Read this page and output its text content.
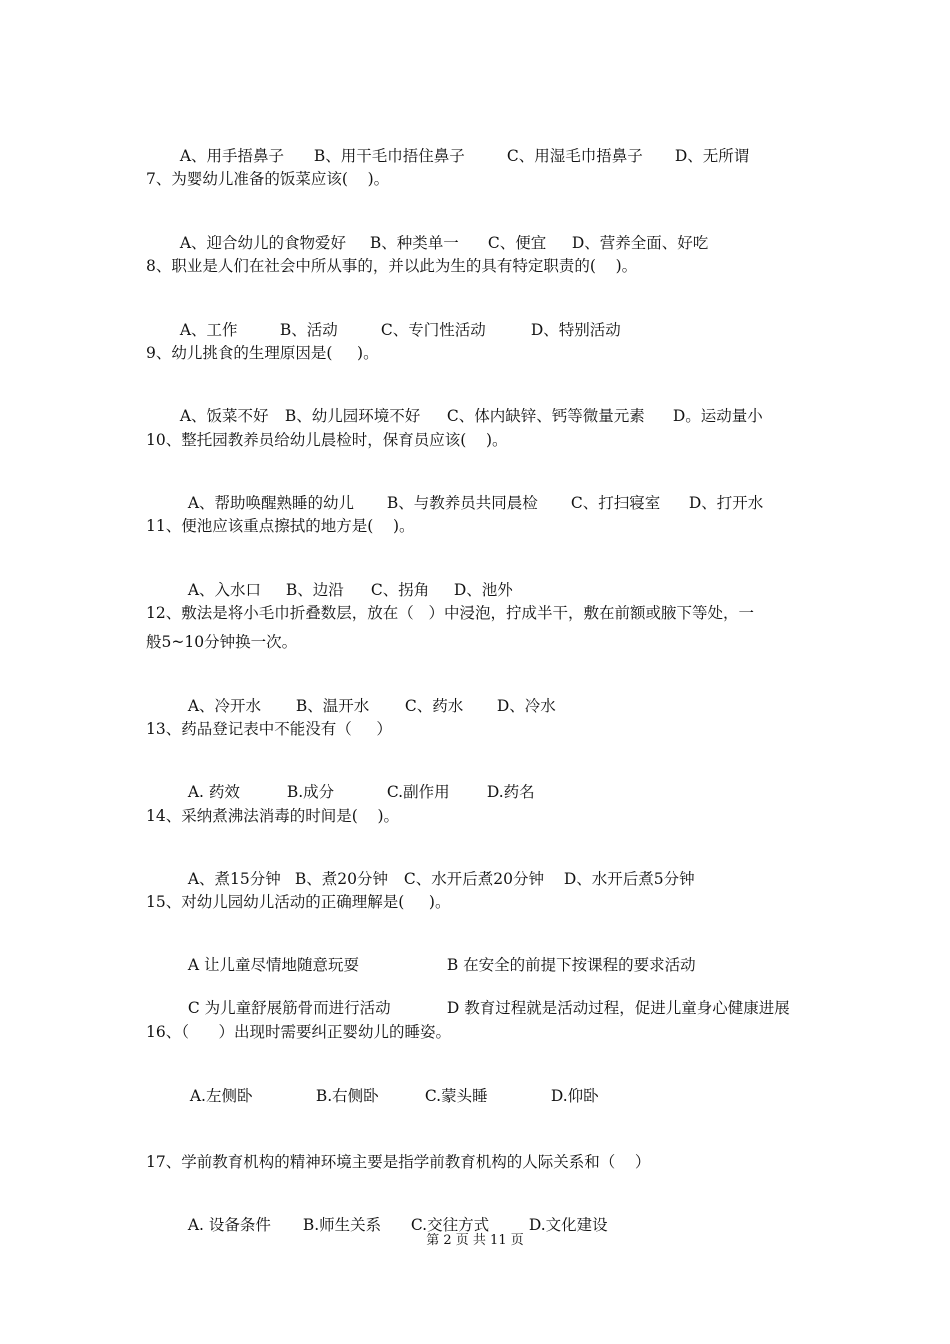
A、用手捂鼻子 B、用干毛巾捂住鼻子	C、用湿毛巾捂鼻子 D、无所谓

7、为婴幼儿准备的饭菜应该(    )。

A、迎合幼儿的食物爱好 B、种类单一 C、便宜 D、营养全面、好吃

8、职业是人们在社会中所从事的，并以此为生的具有特定职责的(    )。

A、工作	B、活动	C、专门性活动	D、特别活动

9、幼儿挑食的生理原因是(     )。

A、饭菜不好 B、幼儿园环境不好 C、体内缺锌、钙等微量元素 D。运动量小

10、整托园教养员给幼儿晨检时，保育员应该(    )。

A、帮助唤醒熟睡的幼儿 B、与教养员共同晨检 C、打扫寝室 D、打开水

11、便池应该重点擦拭的地方是(    )。

A、入水口 B、边沿 C、拐角 D、池外

12、敷法是将小毛巾折叠数层，放在（   ）中浸泡，拧成半干，敷在前额或腋下等处，一
般5~10分钟换一次。

A、冷开水 B、温开水 C、药水 D、冷水

13、药品登记表中不能没有（     ）

A. 药效	B.成分	C.副作用 D.药名

14、采纳煮沸法消毒的时间是(    )。

A、煮15分钟 B、煮20分钟 C、水开后煮20分钟 D、水开后煮5分钟

15、对幼儿园幼儿活动的正确理解是(     )。

A 让儿童尽情地随意玩耍	B 在安全的前提下按课程的要求活动

C 为儿童舒展筋骨而进行活动	D 教育过程就是活动过程，促进儿童身心健康进展

16、（      ）出现时需要纠正婴幼儿的睡姿。

A.左侧卧	B.右侧卧	C.蒙头睡	D.仰卧

17、学前教育机构的精神环境主要是指学前教育机构的人际关系和（    ）

A. 设备条件 B.师生关系 C.交往方式	D.文化建设

第 2 页 共 11 页
